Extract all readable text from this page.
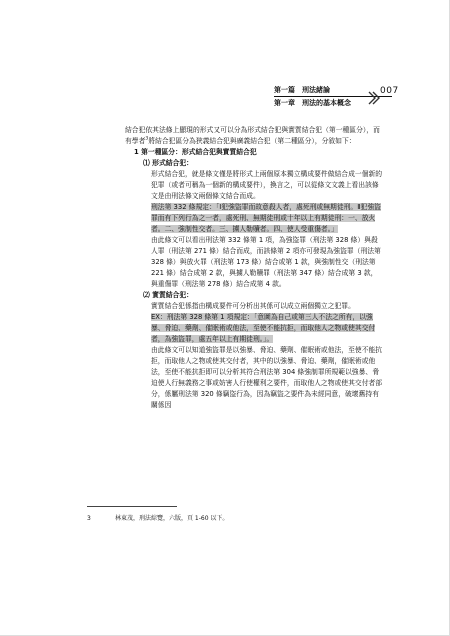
第一篇	刑法緒論
第一章	刑法的基本概念
007

結合犯依其法條上顯現的形式又可以分為形式結合犯與實質結合犯（第一種區分），而有學者$^3$將結合犯區分為狹義結合犯與廣義結合犯（第二種區分），分敘如下：

1 第一種區分：形式結合犯與實質結合犯

⑴ 形式結合犯：

形式結合犯，就是條文僅是將形式上兩個原本獨立構成要件做結合成一個新的犯罪（或者可稱為一個新的構成要件），換言之，可以從條文文義上看出該條文是由刑法條文兩個條文結合而成。

刑法第 332 條規定：「Ⅰ犯強盜罪而故意殺人者，處死刑或無期徒刑。Ⅱ犯強盜罪而有下列行為之一者，處死刑、無期徒刑或十年以上有期徒刑：一、放火者。二、強制性交者。三、擄人勒贖者。四、使人受重傷者。」

由此條文可以看出刑法第 332 條第 1 項，為強盜罪（刑法第 328 條）與殺人罪（刑法第 271 條）結合而成，而該條第 2 項亦可發現為強盜罪（刑法第 328 條）與放火罪（刑法第 173 條）結合或第 1 款，與強制性交（刑法第 221 條）結合成第 2 款，與擄人勒贖罪（刑法第 347 條）結合成第 3 款，與重傷罪（刑法第 278 條）結合成第 4 款。

⑵ 實質結合犯：

實質結合犯係指由構成要件可分析出其係可以成立兩個獨立之犯罪。

EX：刑法第 328 條第 1 項規定：「意圖為自己或第三人不法之所有，以強暴、脅迫、藥劑、催眠術或他法，至使不能抗拒，而取他人之物或使其交付者，為強盜罪，處五年以上有期徒刑。」。

由此條文可以知道強盜罪是以強暴、脅迫、藥劑、催眠術或他法，至使不能抗拒，而取他人之物或使其交付者，其中的以強暴、脅迫、藥劑，催眠術或他法，至使不能抗拒即可以分析其符合刑法第 304 條強制罪所規範以強暴、脅迫使人行無義務之事或妨害人行使權利之要件，而取他人之物或使其交付者部分，係屬刑法第 320 條竊盜行為，因為竊盜之要件為未經同意，破壞舊持有關係因

3	林東茂，刑法綜覽，六版，頁 1-60 以下。
